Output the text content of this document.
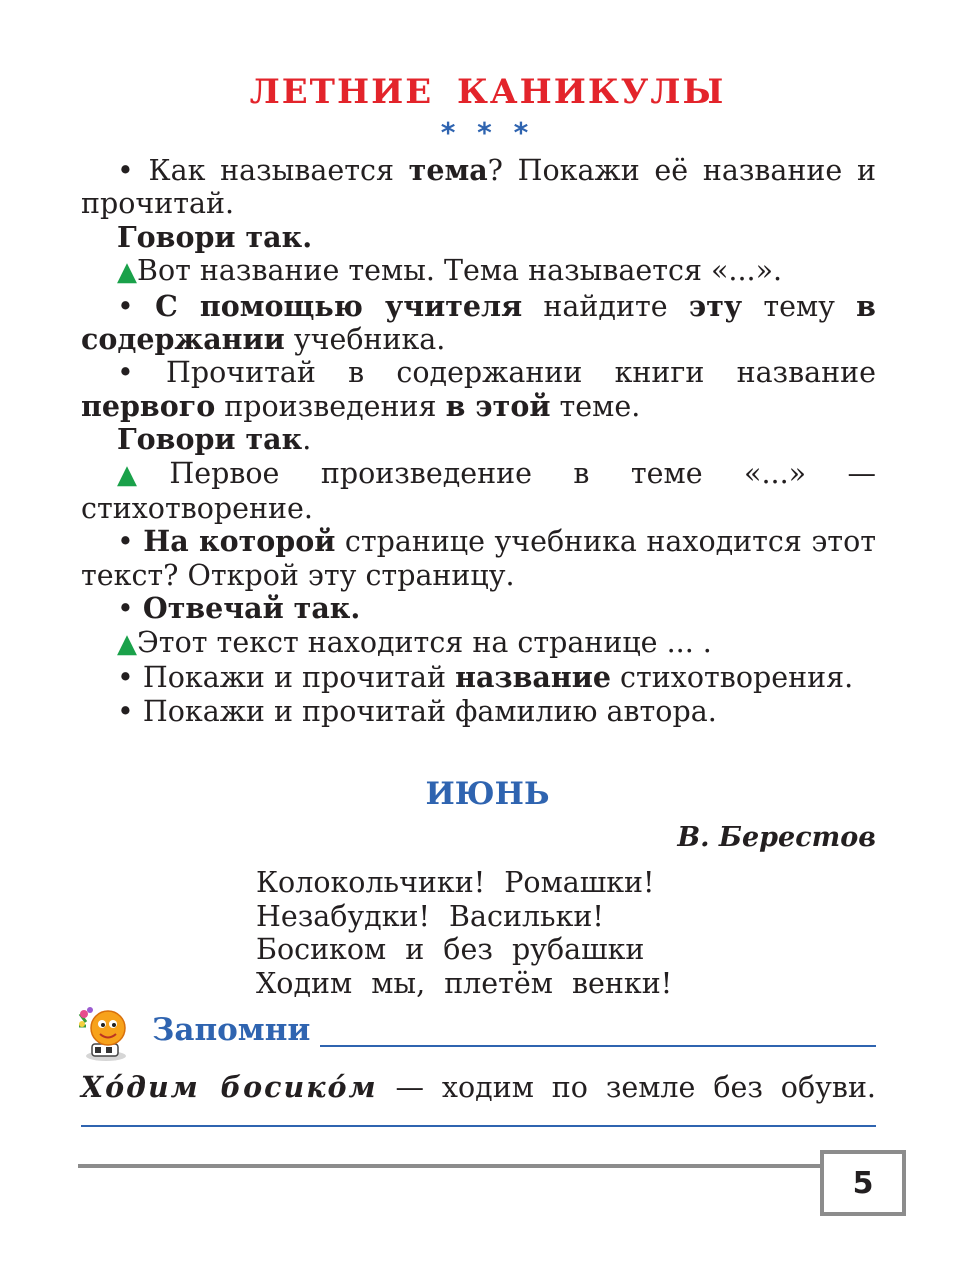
ЛЕТНИЕ КАНИКУЛЫ
* * *

• Как называется тема? Покажи её название и прочитай.

Говори так.

▲Вот название темы. Тема называется «...».

• С помощью учителя найдите эту тему в содержании учебника.

• Прочитай в содержании книги название первого произведения в этой теме.

Говори так.

▲Первое произведение в теме «...» — стихотворение.

• На которой странице учебника находится этот текст? Открой эту страницу.

• Отвечай так.

▲Этот текст находится на странице ... .

• Покажи и прочитай название стихотворения.

• Покажи и прочитай фамилию автора.

ИЮНЬ
В. Берестов
Колокольчики! Ромашки!
Незабудки! Васильки!
Босиком и без рубашки
Ходим мы, плетём венки!
Запомни
Хóдим босикóм — ходим по земле без обуви.
5
